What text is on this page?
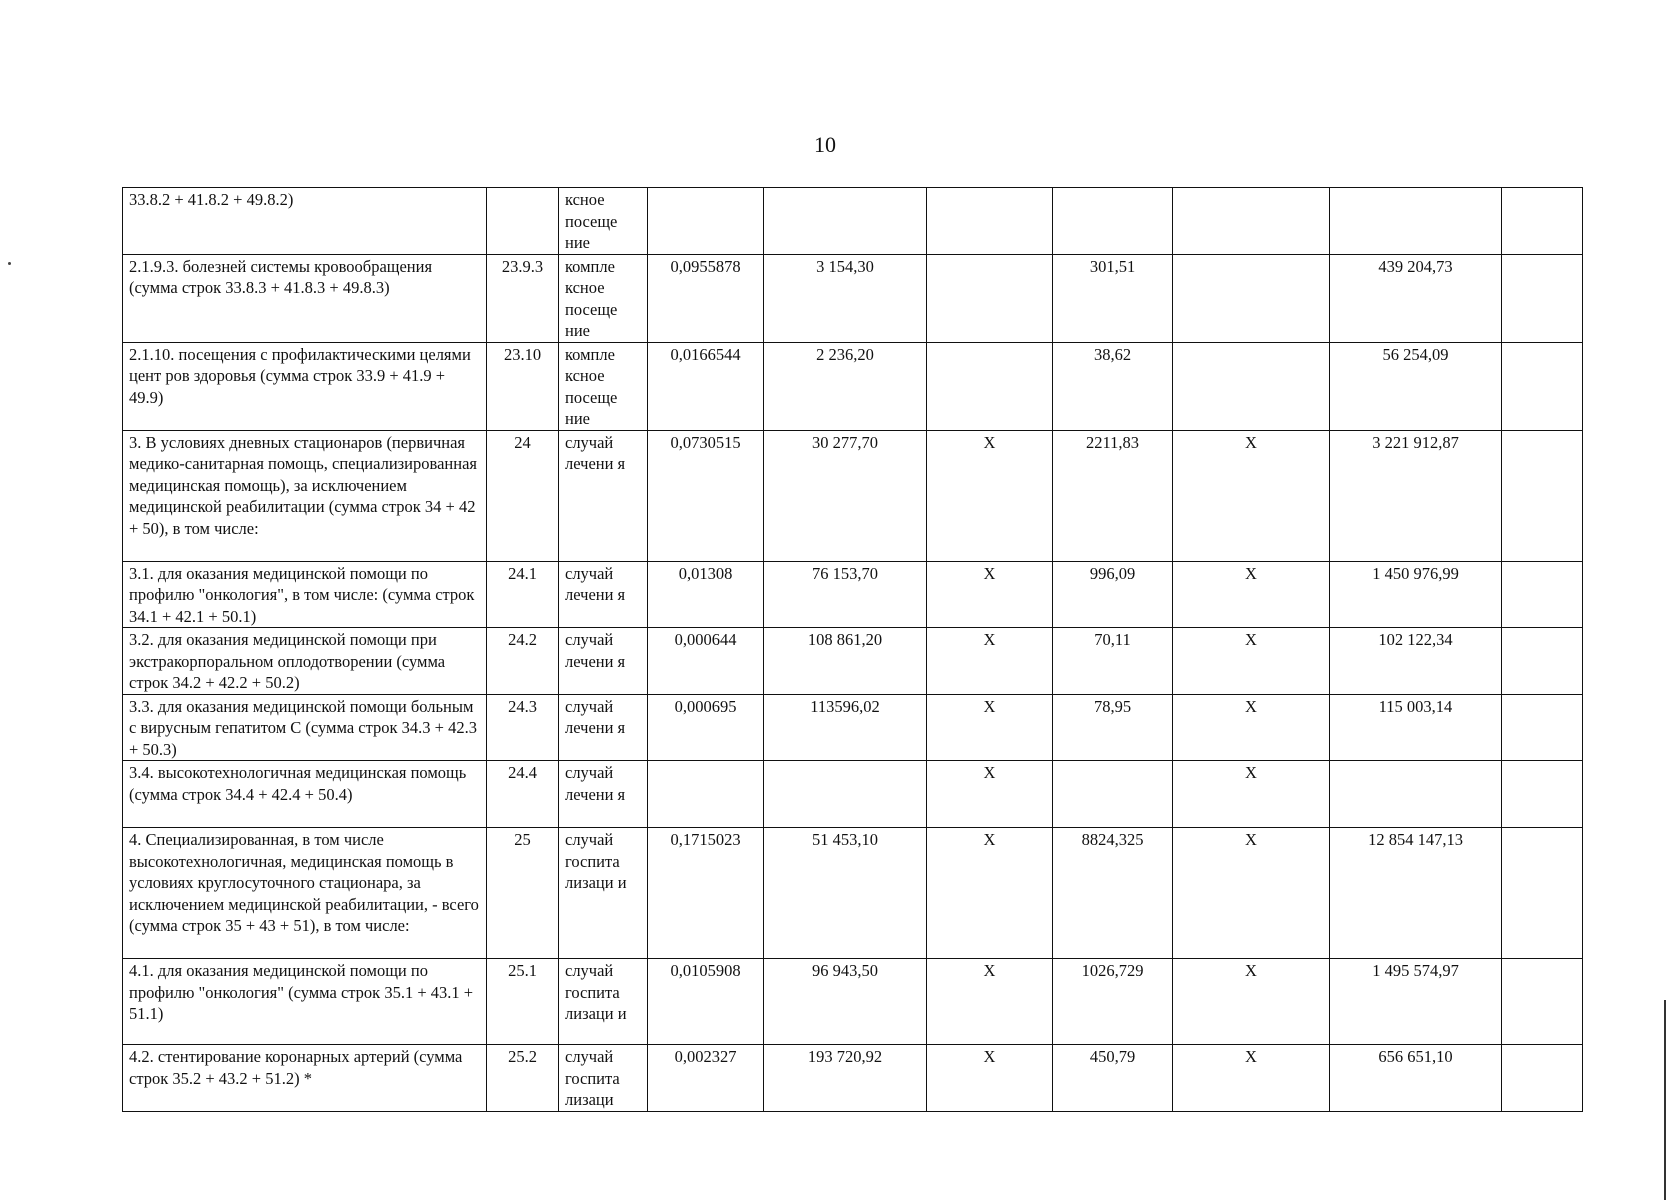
10
33.8.2 + 41.8.2 + 49.8.2)		ксное посеще ние							
2.1.9.3. болезней системы кровообращения (сумма строк 33.8.3 + 41.8.3 + 49.8.3)	23.9.3	компле ксное посеще ние	0,0955878	3 154,30		301,51		439 204,73	
2.1.10. посещения с профилактическими целями цент ров здоровья (сумма строк 33.9 + 41.9 + 49.9)	23.10	компле ксное посеще ние	0,0166544	2 236,20		38,62		56 254,09	
3. В условиях дневных стационаров (первичная медико-санитарная помощь, специализированная медицинская помощь), за исключением медицинской реабилитации (сумма строк 34 + 42 + 50), в том числе:	24	случай лечени я	0,0730515	30 277,70	X	2211,83	X	3 221 912,87	
3.1. для оказания медицинской помощи по профилю "онкология", в том числе: (сумма строк 34.1 + 42.1 + 50.1)	24.1	случай лечени я	0,01308	76 153,70	X	996,09	X	1 450 976,99	
3.2. для оказания медицинской помощи при экстракорпоральном оплодотворении (сумма строк 34.2 + 42.2 + 50.2)	24.2	случай лечени я	0,000644	108 861,20	X	70,11	X	102 122,34	
3.3. для оказания медицинской помощи больным с вирусным гепатитом С (сумма строк 34.3 + 42.3 + 50.3)	24.3	случай лечени я	0,000695	113596,02	X	78,95	X	115 003,14	
3.4. высокотехнологичная медицинская помощь (сумма строк 34.4 + 42.4 + 50.4)	24.4	случай лечени я			X		X		
4. Специализированная, в том числе высокотехнологичная, медицинская помощь в условиях круглосуточного стационара, за исключением медицинской реабилитации, - всего (сумма строк 35 + 43 + 51), в том числе:	25	случай госпита лизаци и	0,1715023	51 453,10	X	8824,325	X	12 854 147,13	
4.1. для оказания медицинской помощи по профилю "онкология" (сумма строк 35.1 + 43.1 + 51.1)	25.1	случай госпита лизаци и	0,0105908	96 943,50	X	1026,729	X	1 495 574,97	
4.2. стентирование коронарных артерий (сумма строк 35.2 + 43.2 + 51.2) *	25.2	случай госпита лизаци	0,002327	193 720,92	X	450,79	X	656 651,10	
